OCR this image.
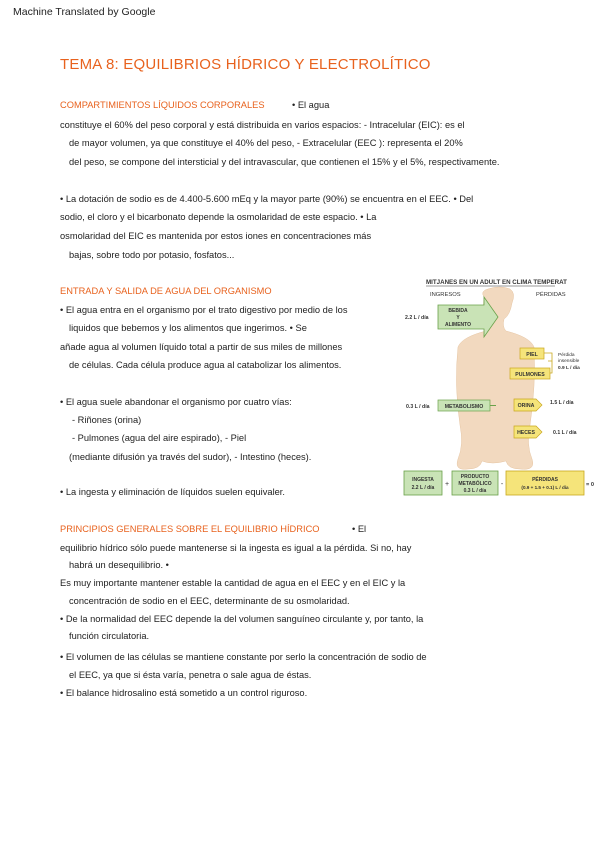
Machine Translated by Google
TEMA 8: EQUILIBRIOS HÍDRICO Y ELECTROLÍTICO
COMPARTIMIENTOS LÍQUIDOS CORPORALES	• El agua
constituye el 60% del peso corporal y está distribuida en varios espacios: - Intracelular (EIC): es el
de mayor volumen, ya que constituye el 40% del peso, - Extracelular (EEC ): representa el 20%
del peso, se compone del intersticial y del intravascular, que contienen el 15% y el 5%, respectivamente.
• La dotación de sodio es de 4.400-5.600 mEq y la mayor parte (90%) se encuentra en el EEC. • Del
sodio, el cloro y el bicarbonato depende la osmolaridad de este espacio. • La
osmolaridad del EIC es mantenida por estos iones en concentraciones más
bajas, sobre todo por potasio, fosfatos...
ENTRADA Y SALIDA DE AGUA DEL ORGANISMO
• El agua entra en el organismo por el trato digestivo por medio de los
liquidos que bebemos y los alimentos que ingerimos. • Se
añade agua al volumen líquido total a partir de sus miles de millones
de células. Cada célula produce agua al catabolizar los alimentos.
• El agua suele abandonar el organismo por cuatro vías:
- Riñones (orina)
- Pulmones (agua del aire espirado), - Piel
(mediante difusión ya través del sudor), - Intestino (heces).
• La ingesta y eliminación de líquidos suelen equivaler.
MITJANES EN UN ADULT EN CLIMA TEMPERAT
INGRESOS	PÉRDIDAS
2.2 L / día
BEBIDA
Y
ALIMENTO
PIEL	Pérdida
insensible
0.9 L / día
PULMONES
0.3 L / día	METABOLISMO	ORINA	1.5 L / día
HECES	0.1 L / día
INGESTA
2.2 L / día +
PRODUCTO
METABÓLICO
0.3 L / día
-
PÉRDIDAS
(0.9 + 1.5 + 0.1) L / día	= 0
PRINCIPIOS GENERALES SOBRE EL EQUILIBRIO HÍDRICO	• El
equilibrio hídrico sólo puede mantenerse si la ingesta es igual a la pérdida. Si no, hay
habrá un desequilibrio. •
Es muy importante mantener estable la cantidad de agua en el EEC y en el EIC y la
concentración de sodio en el EEC, determinante de su osmolaridad.
• De la normalidad del EEC depende la del volumen sanguíneo circulante y, por tanto, la
función circulatoria.
• El volumen de las células se mantiene constante por serlo la concentración de sodio de
el EEC, ya que si ésta varía, penetra o sale agua de éstas.
• El balance hidrosalino está sometido a un control riguroso.
